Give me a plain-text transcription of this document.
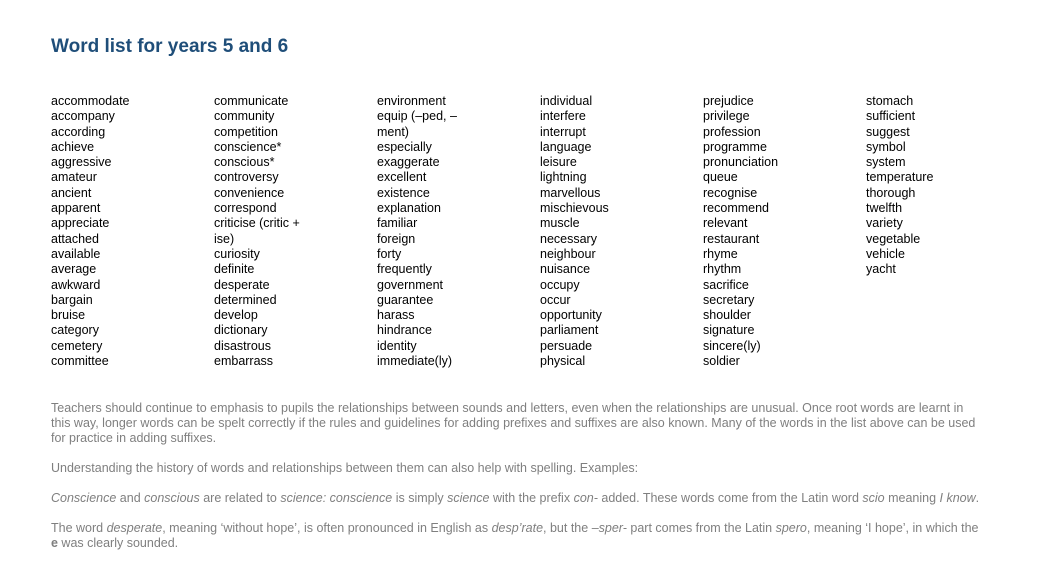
Word list for years 5 and 6
accommodate
accompany
according
achieve
aggressive
amateur
ancient
apparent
appreciate
attached
available
average
awkward
bargain
bruise
category
cemetery
committee
communicate
community
competition
conscience*
conscious*
controversy
convenience
correspond
criticise (critic +
ise)
curiosity
definite
desperate
determined
develop
dictionary
disastrous
embarrass
environment
equip (–ped, –
ment)
especially
exaggerate
excellent
existence
explanation
familiar
foreign
forty
frequently
government
guarantee
harass
hindrance
identity
immediate(ly)
individual
interfere
interrupt
language
leisure
lightning
marvellous
mischievous
muscle
necessary
neighbour
nuisance
occupy
occur
opportunity
parliament
persuade
physical
prejudice
privilege
profession
programme
pronunciation
queue
recognise
recommend
relevant
restaurant
rhyme
rhythm
sacrifice
secretary
shoulder
signature
sincere(ly)
soldier
stomach
sufficient
suggest
symbol
system
temperature
thorough
twelfth
variety
vegetable
vehicle
yacht

Teachers should continue to emphasis to pupils the relationships between sounds and letters, even when the relationships are unusual. Once root words are learnt in this way, longer words can be spelt correctly if the rules and guidelines for adding prefixes and suffixes are also known. Many of the words in the list above can be used for practice in adding suffixes.

Understanding the history of words and relationships between them can also help with spelling. Examples:

Conscience and conscious are related to science: conscience is simply science with the prefix con- added. These words come from the Latin word scio meaning I know.

The word desperate, meaning ‘without hope’, is often pronounced in English as desp’rate, but the –sper- part comes from the Latin spero, meaning ‘I hope’, in which the e was clearly sounded.
